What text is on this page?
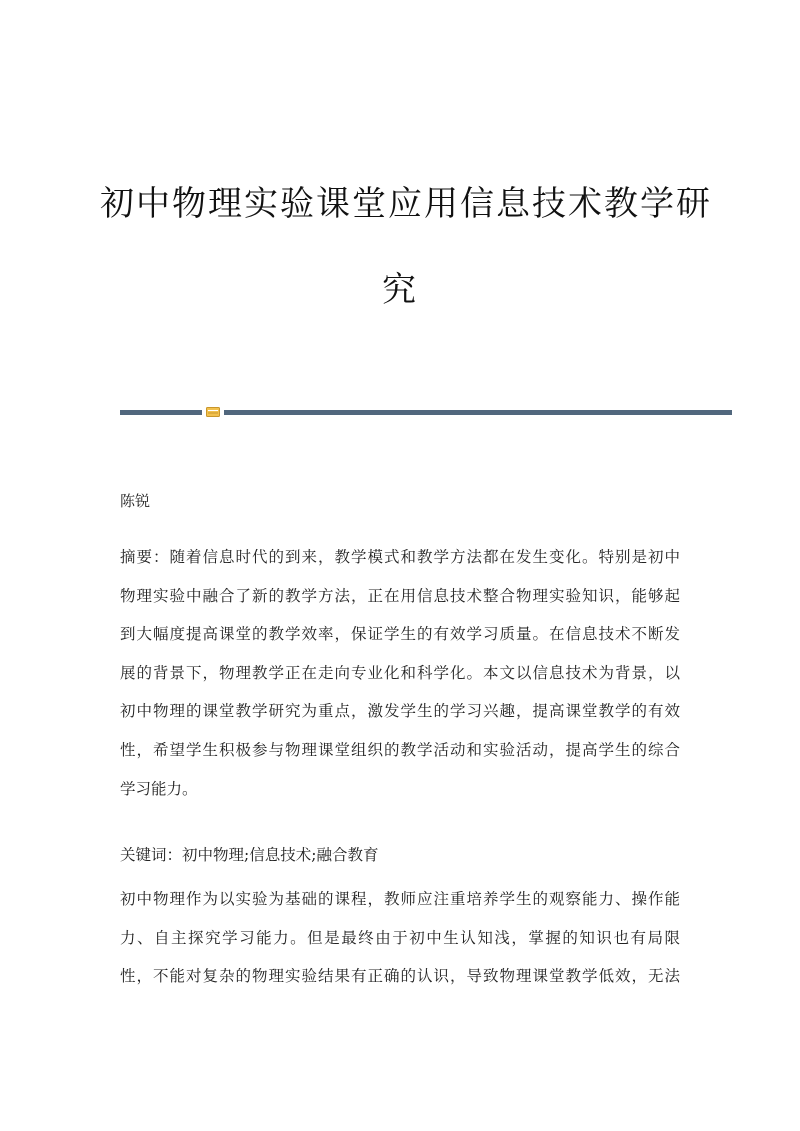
初中物理实验课堂应用信息技术教学研
究
陈锐

摘要：随着信息时代的到来，教学模式和教学方法都在发生变化。特别是初中
物理实验中融合了新的教学方法，正在用信息技术整合物理实验知识，能够起
到大幅度提高课堂的教学效率，保证学生的有效学习质量。在信息技术不断发
展的背景下，物理教学正在走向专业化和科学化。本文以信息技术为背景，以
初中物理的课堂教学研究为重点，激发学生的学习兴趣，提高课堂教学的有效
性，希望学生积极参与物理课堂组织的教学活动和实验活动，提高学生的综合
学习能力。

关键词：初中物理;信息技术;融合教育

初中物理作为以实验为基础的课程，教师应注重培养学生的观察能力、操作能
力、自主探究学习能力。但是最终由于初中生认知浅，掌握的知识也有局限
性，不能对复杂的物理实验结果有正确的认识，导致物理课堂教学低效，无法
